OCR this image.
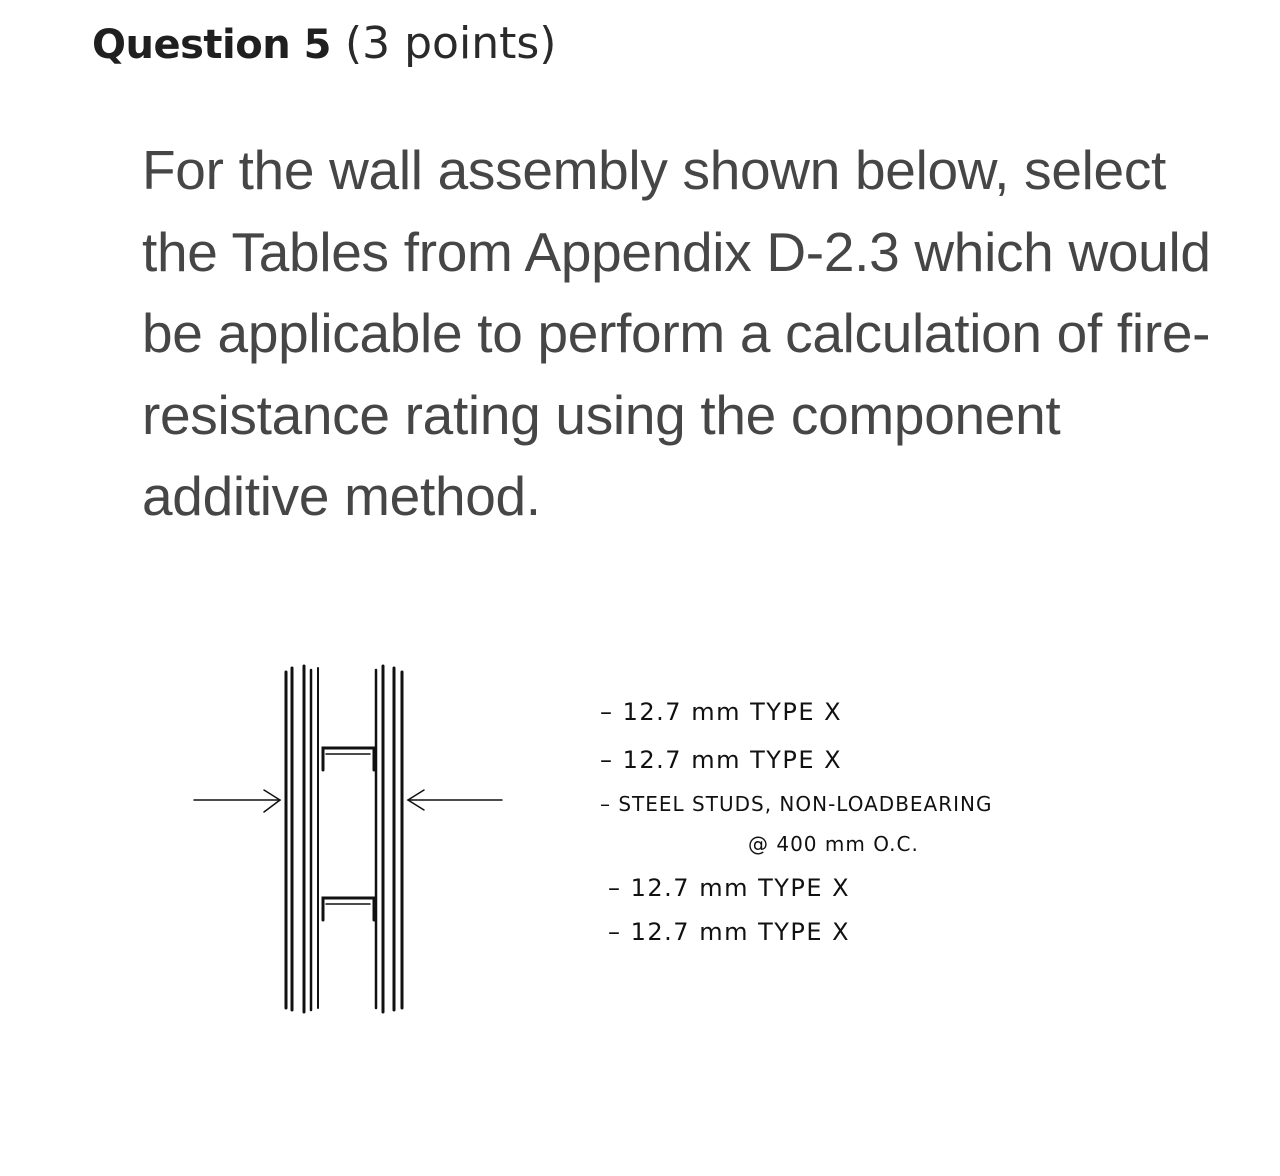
Question 5 (3 points)
For the wall assembly shown below, select the Tables from Appendix D-2.3 which would be applicable to perform a calculation of fire-resistance rating using the component additive method.
– 12.7 mm TYPE X
– 12.7 mm TYPE X
– STEEL STUDS, NON-LOADBEARING
@ 400 mm O.C.
– 12.7 mm TYPE X
– 12.7 mm TYPE X
